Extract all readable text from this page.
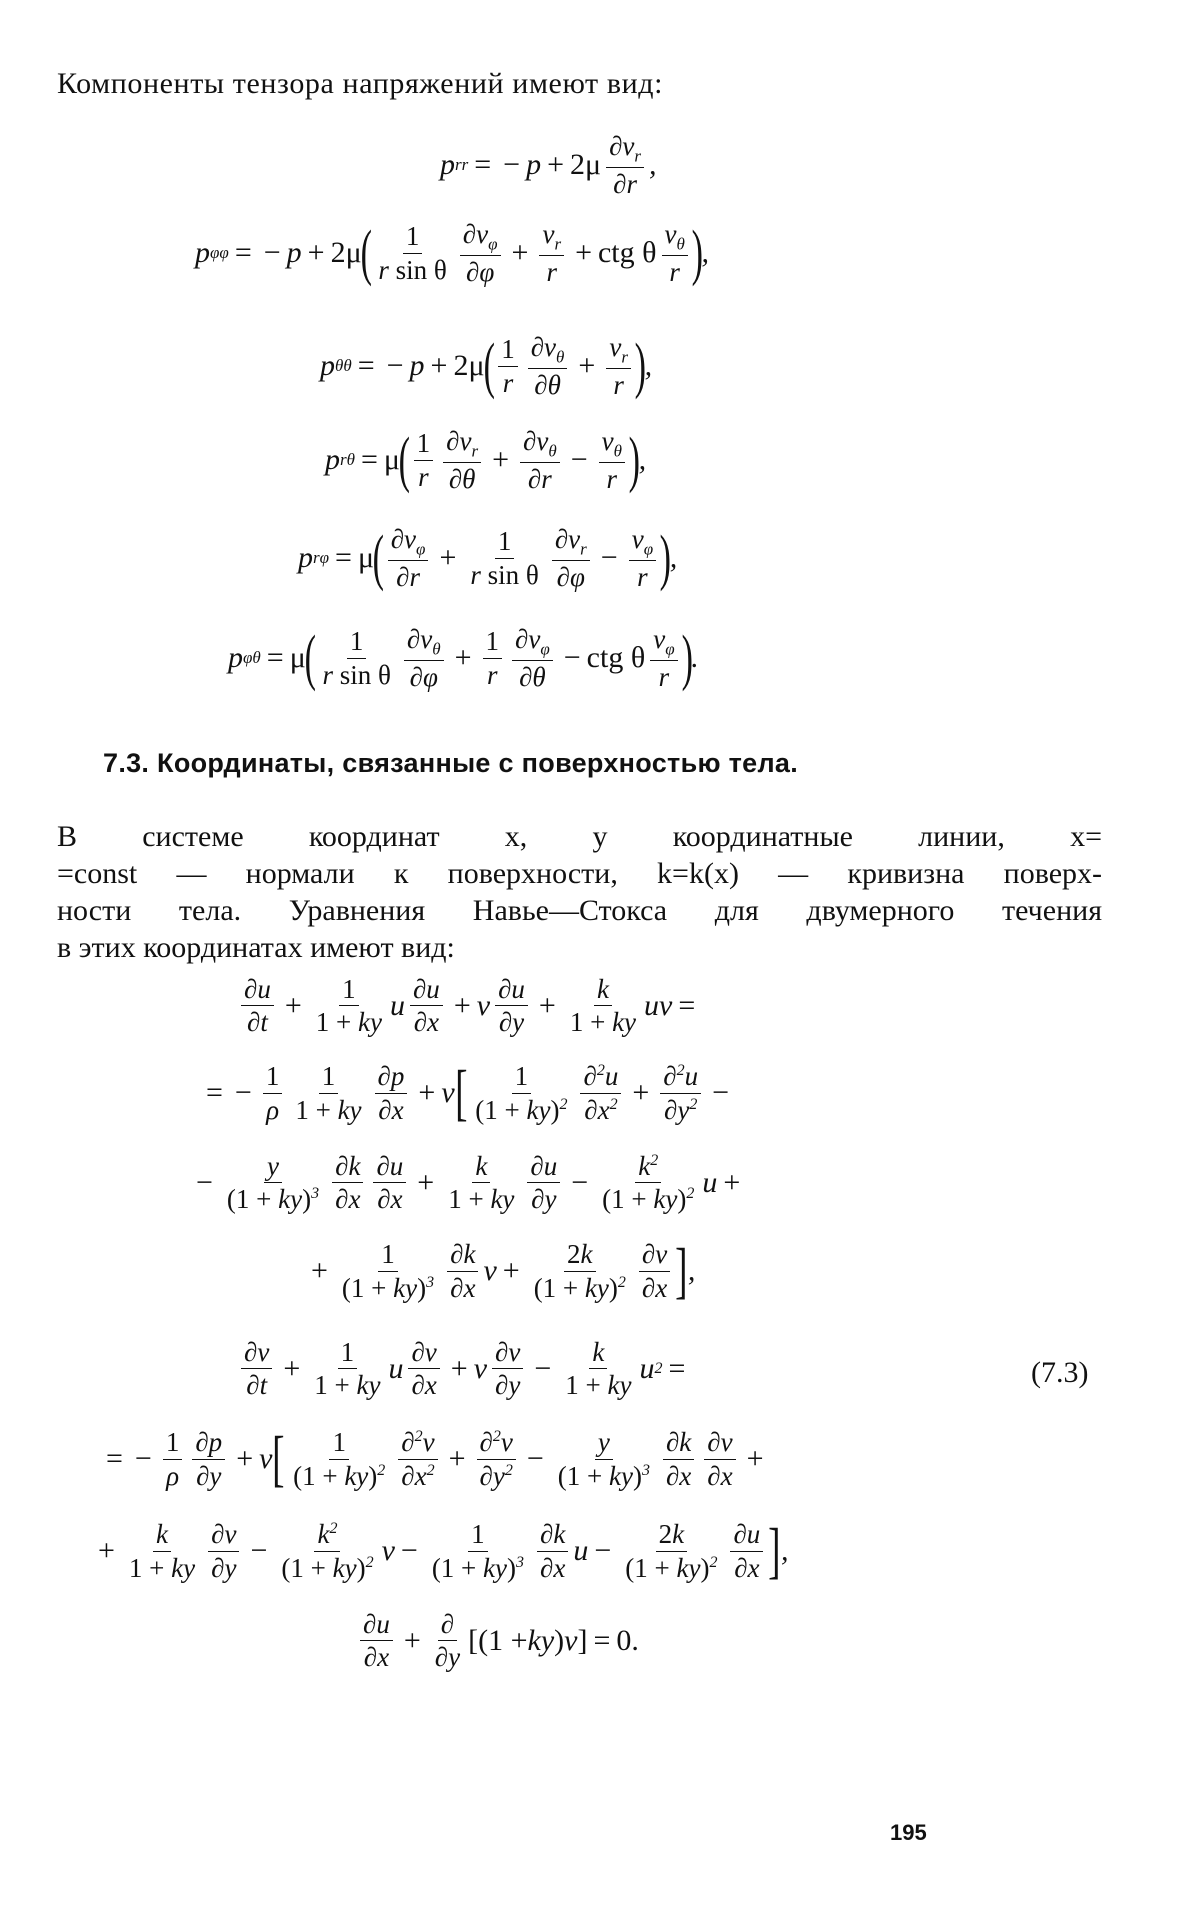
Компоненты тензора напряжений имеют вид:
p rr = − $p + 2\mu \frac{\partial v_r}{\partial r}$ ,
p φφ = − p + 2μ
( $\frac{1}{\text{r sin θ}} \frac{\partial v_\varphi}{\partial\varphi} + \frac{v_r}{r}$ + ctg θ $\frac{v_\theta}{r}$ )
,
p θθ = − p + 2μ
( $\frac{1}{r} \frac{\partial v_\theta}{\partial\theta} + \frac{v_r}{r}$ )
,
p rθ = μ
( $\frac{1}{r} \frac{\partial v_r}{\partial\theta} + \frac{\partial v_\theta}{\partial r} - \frac{v_\theta}{r}$ )
,
p rφ = μ
( $\frac{\partial v_\varphi}{\partial r} + \frac{1}{\text{r sin θ}} \frac{\partial v_r}{\partial\varphi} - \frac{v_\varphi}{r}$ )
,
p φθ = μ
( $\frac{1}{\text{r sin θ}} \frac{\partial v_\theta}{\partial\varphi} + \frac{1}{r} \frac{\partial v_\varphi}{\partial\theta}$ − ctg θ $\frac{v_\varphi}{r}$ )
.
7.3. Координаты, связанные с поверхностью тела.
В системе координат x, y координатные линии, x=
=const — нормали к поверхности, k=k(x) — кривизна поверх-
ности тела. Уравнения Навье—Стокса для двумерного течения
в этих координатах имеют вид:
$\frac{\partial u}{\partial t} + \frac{1}{1 + ky}$ u $\frac{\partial u}{\partial x} + v \frac{\partial u}{\partial y} + \frac{k}{1 + ky}$ uv =
= − $\frac{1}{\rho} \frac{1}{1 + ky} \frac{\partial p}{\partial x} + \nu$ [ $\frac{1}{(1 + ky)^2} \frac{\partial^2u}{\partial x^2} + \frac{\partial^2u}{\partial y^2}$ −
− $\frac{y}{(1 + ky)^3} \frac{\partial k}{\partial x} \frac{\partial u}{\partial x} + \frac{k}{1 + ky} \frac{\partial u}{\partial y} - \frac{k^2}{(1 + ky)^2}$ u +
+ $\frac{1}{(1 + ky)^3} \frac{\partial k}{\partial x}$ $v + \frac{2k}{(1 + ky)^2} \frac{\partial v}{\partial x}$ ] ,
$\frac{\partial v}{\partial t} + \frac{1}{1 + ky}$ u $\frac{\partial v}{\partial x} + v \frac{\partial v}{\partial y} - \frac{k}{1 + ky}$ u 2 =	(7.3)
= − $\frac{1}{\rho} \frac{\partial p}{\partial y} + \nu$ [ $\frac{1}{(1 + ky)^2} \frac{\partial^2v}{\partial x^2} + \frac{\partial^2v}{\partial y^2} - \frac{y}{(1 + ky)^3} \frac{\partial k}{\partial x} \frac{\partial v}{\partial x}$ +
+ $\frac{k}{1 + ky} \frac{\partial v}{\partial y} - \frac{k^2}{(1 + ky)^2}$ $v - \frac{1}{(1 + ky)^3} \frac{\partial k}{\partial x}$ $u - \frac{2k}{(1 + ky)^2} \frac{\partial u}{\partial x}$ ] ,
$\frac{\partial u}{\partial x} + \frac{\partial}{\partial y} [(1$ + ky ) v ] = 0.
195
